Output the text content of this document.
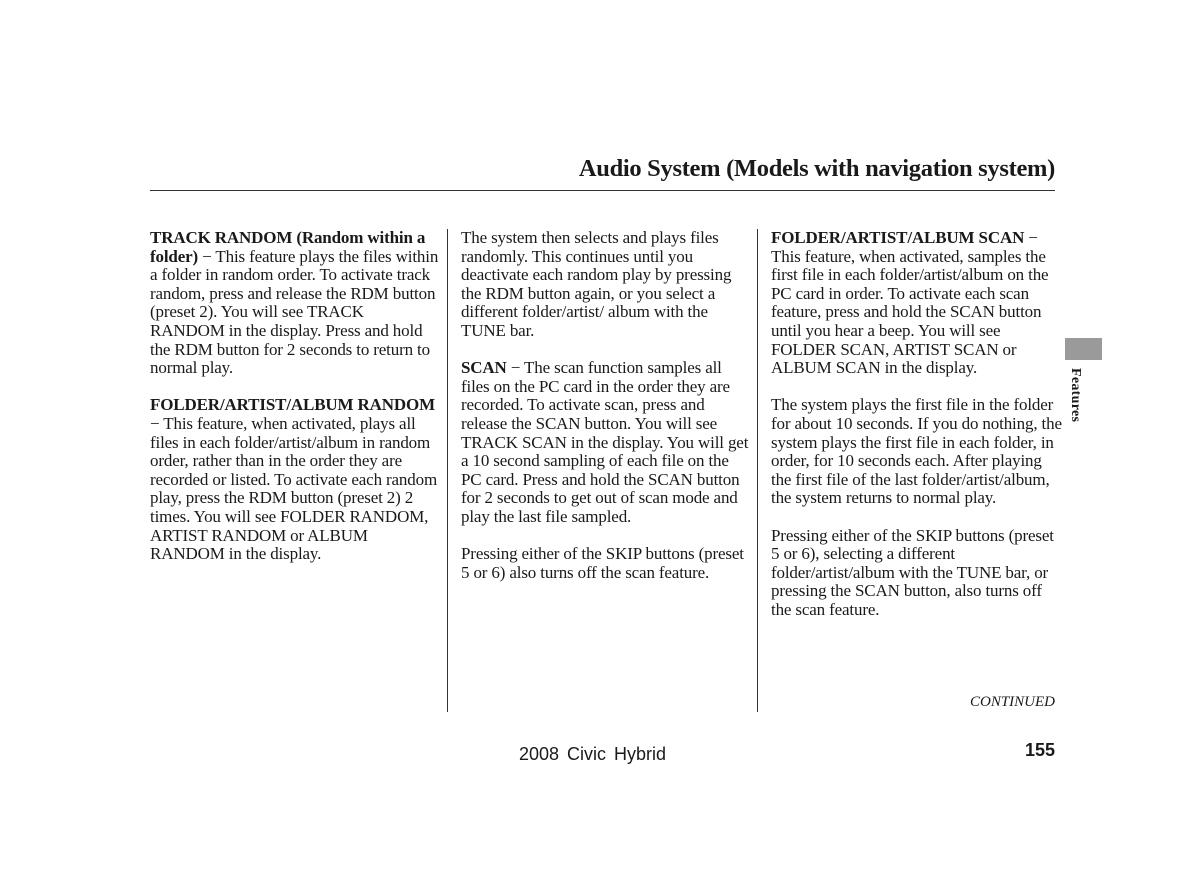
Audio System (Models with navigation system)

TRACK RANDOM (Random within a folder) − This feature plays the files within a folder in random order. To activate track random, press and release the RDM button (preset 2). You will see TRACK RANDOM in the display. Press and hold the RDM button for 2 seconds to return to normal play.

FOLDER/ARTIST/ALBUM RANDOM − This feature, when activated, plays all files in each folder/artist/album in random order, rather than in the order they are recorded or listed. To activate each random play, press the RDM button (preset 2) 2 times. You will see FOLDER RANDOM, ARTIST RANDOM or ALBUM RANDOM in the display.

The system then selects and plays files randomly. This continues until you deactivate each random play by pressing the RDM button again, or you select a different folder/artist/ album with the TUNE bar.

SCAN − The scan function samples all files on the PC card in the order they are recorded. To activate scan, press and release the SCAN button. You will see TRACK SCAN in the display. You will get a 10 second sampling of each file on the PC card. Press and hold the SCAN button for 2 seconds to get out of scan mode and play the last file sampled.

Pressing either of the SKIP buttons (preset 5 or 6) also turns off the scan feature.

FOLDER/ARTIST/ALBUM SCAN − This feature, when activated, samples the first file in each folder/artist/album on the PC card in order. To activate each scan feature, press and hold the SCAN button until you hear a beep. You will see FOLDER SCAN, ARTIST SCAN or ALBUM SCAN in the display.

The system plays the first file in the folder for about 10 seconds. If you do nothing, the system plays the first file in each folder, in order, for 10 seconds each. After playing the first file of the last folder/artist/album, the system returns to normal play.

Pressing either of the SKIP buttons (preset 5 or 6), selecting a different folder/artist/album with the TUNE bar, or pressing the SCAN button, also turns off the scan feature.

Features
CONTINUED
2008 Civic Hybrid	155
